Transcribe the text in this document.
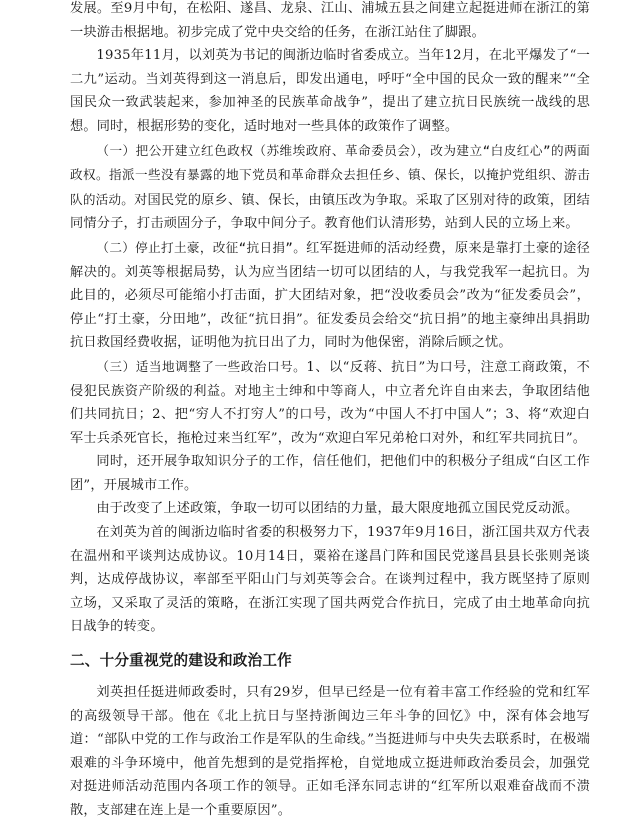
发展。至9月中旬，在松阳、遂昌、龙泉、江山、浦城五县之间建立起挺进师在浙江的第一块游击根据地。初步完成了党中央交给的任务，在浙江站住了脚跟。

1935年11月，以刘英为书记的闽浙边临时省委成立。当年12月，在北平爆发了“一二九”运动。当刘英得到这一消息后，即发出通电，呼吁“全中国的民众一致的醒来”“全国民众一致武装起来，参加神圣的民族革命战争”，提出了建立抗日民族统一战线的思想。同时，根据形势的变化，适时地对一些具体的政策作了调整。

（一）把公开建立红色政权（苏维埃政府、革命委员会），改为建立“白皮红心”的两面政权。指派一些没有暴露的地下党员和革命群众去担任乡、镇、保长，以掩护党组织、游击队的活动。对国民党的原乡、镇、保长，由镇压改为争取。采取了区别对待的政策，团结同情分子，打击顽固分子，争取中间分子。教育他们认清形势，站到人民的立场上来。

（二）停止打土豪，改征“抗日捐”。红军挺进师的活动经费，原来是靠打土豪的途径解决的。刘英等根据局势，认为应当团结一切可以团结的人，与我党我军一起抗日。为此目的，必须尽可能缩小打击面，扩大团结对象，把“没收委员会”改为“征发委员会”，停止“打土豪，分田地”，改征“抗日捐”。征发委员会给交“抗日捐”的地主豪绅出具捐助抗日救国经费收据，证明他为抗日出了力，同时为他保密，消除后顾之忧。

（三）适当地调整了一些政治口号。1、以“反蒋、抗日”为口号，注意工商政策，不侵犯民族资产阶级的利益。对地主士绅和中等商人，中立者允许自由来去，争取团结他们共同抗日；2、把“穷人不打穷人”的口号，改为“中国人不打中国人”；3、将“欢迎白军士兵杀死官长，拖枪过来当红军”，改为“欢迎白军兄弟枪口对外，和红军共同抗日”。

同时，还开展争取知识分子的工作，信任他们，把他们中的积极分子组成“白区工作团”，开展城市工作。

由于改变了上述政策，争取一切可以团结的力量，最大限度地孤立国民党反动派。

在刘英为首的闽浙边临时省委的积极努力下，1937年9月16日，浙江国共双方代表在温州和平谈判达成协议。10月14日，粟裕在遂昌门阵和国民党遂昌县县长张则尧谈判，达成停战协议，率部至平阳山门与刘英等会合。在谈判过程中，我方既坚持了原则立场，又采取了灵活的策略，在浙江实现了国共两党合作抗日，完成了由土地革命向抗日战争的转变。

二、十分重视党的建设和政治工作

刘英担任挺进师政委时，只有29岁，但早已经是一位有着丰富工作经验的党和红军的高级领导干部。他在《北上抗日与坚持浙闽边三年斗争的回忆》中，深有体会地写道：“部队中党的工作与政治工作是军队的生命线。”当挺进师与中央失去联系时，在极端艰难的斗争环境中，他首先想到的是党指挥枪，自觉地成立挺进师政治委员会，加强党对挺进师活动范围内各项工作的领导。正如毛泽东同志讲的“红军所以艰难奋战而不溃散，支部建在连上是一个重要原因”。
